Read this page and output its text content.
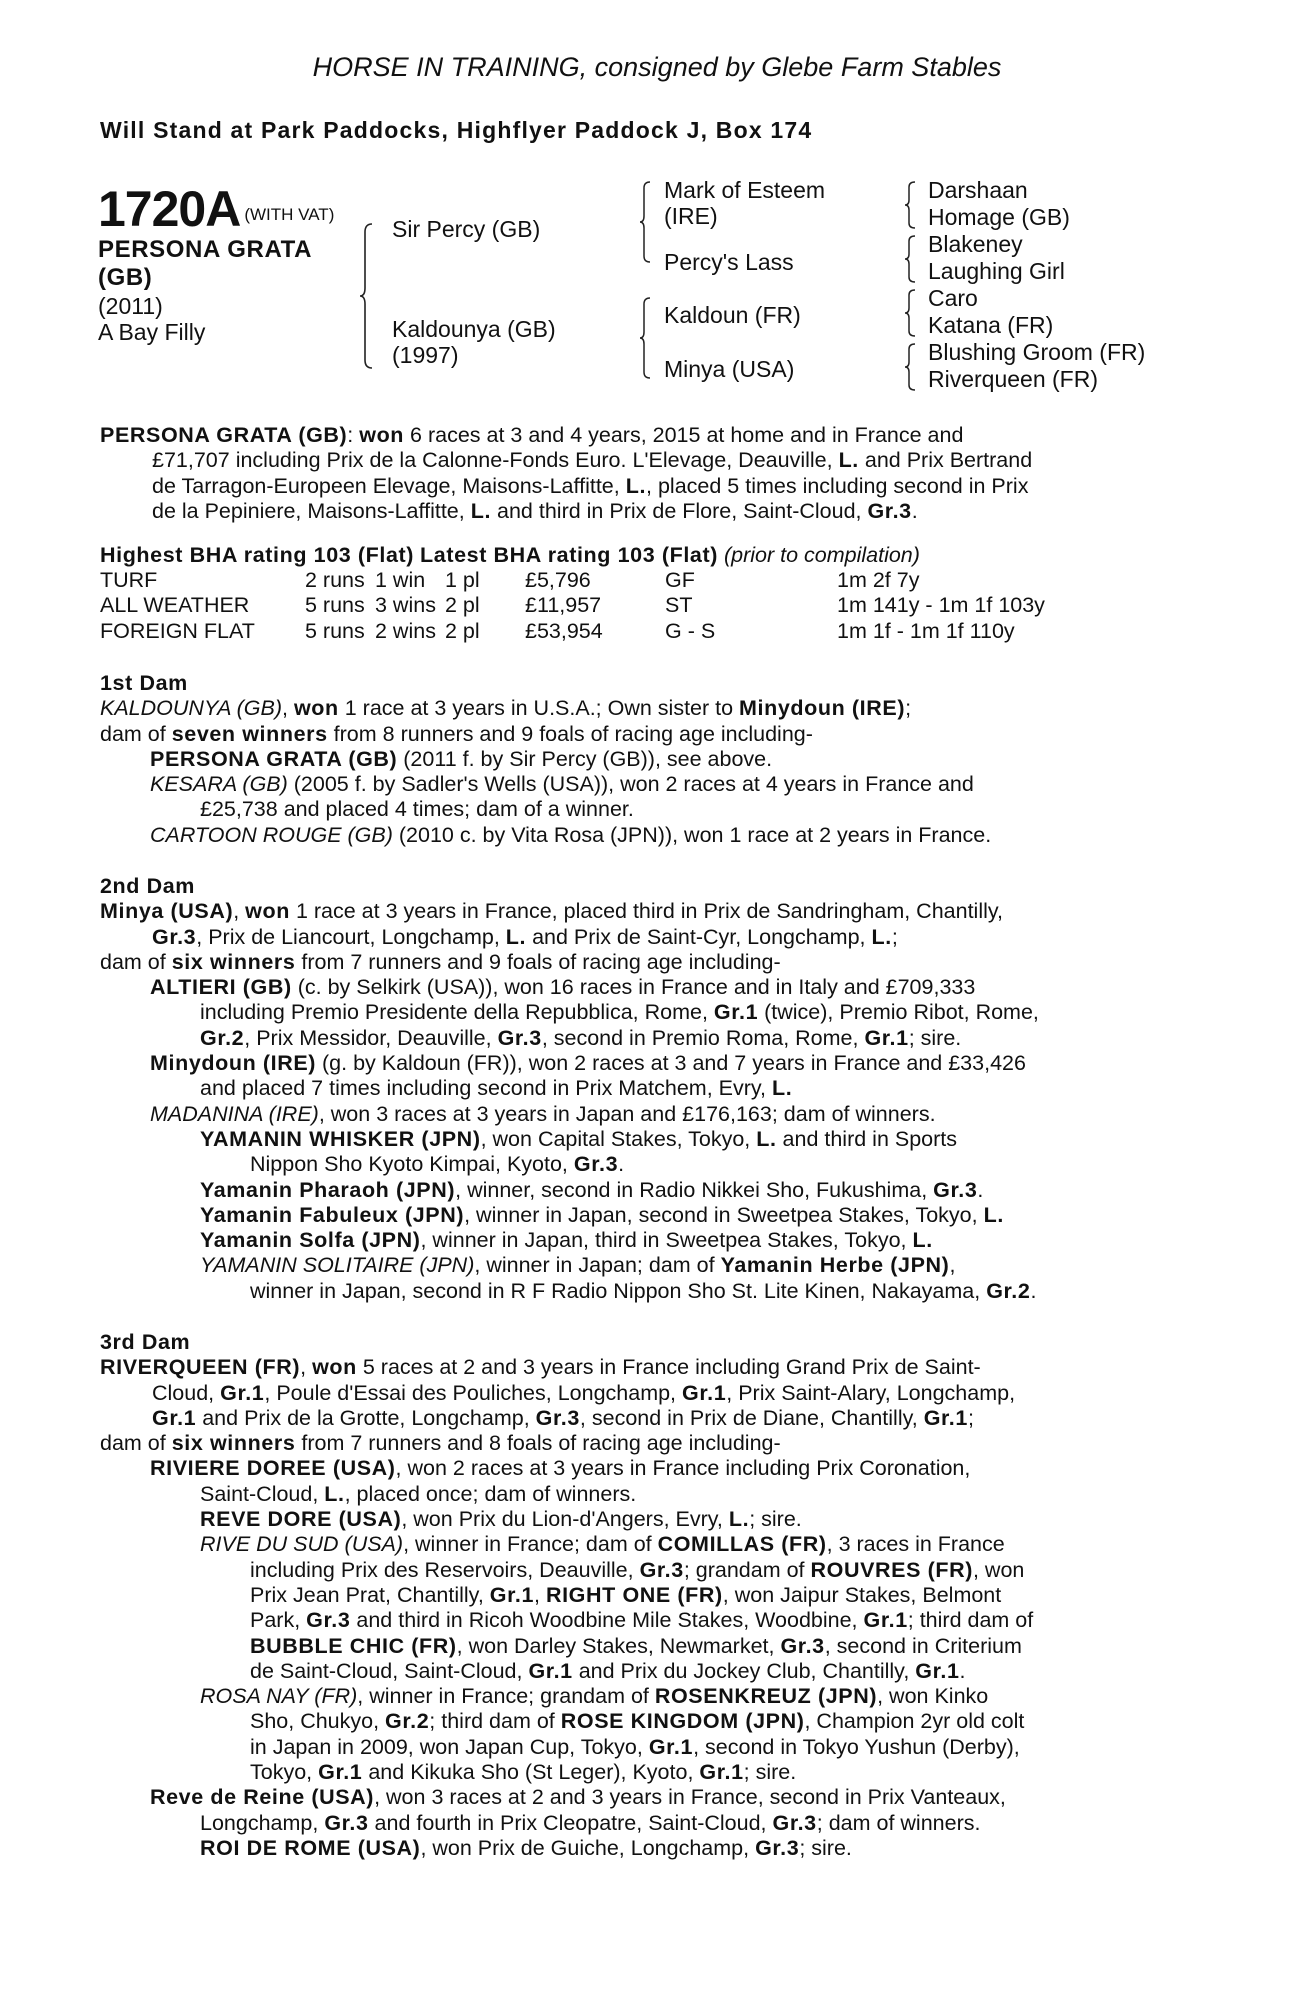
HORSE IN TRAINING, consigned by Glebe Farm Stables
Will Stand at Park Paddocks, Highflyer Paddock J, Box 174
1720A (WITH VAT)
PERSONA GRATA
(GB)
(2011)
A Bay Filly
Sir Percy (GB)
Kaldounya (GB)
(1997)
Mark of Esteem
(IRE)
Percy's Lass
Kaldoun (FR)
Minya (USA)
Darshaan
Homage (GB)
Blakeney
Laughing Girl
Caro
Katana (FR)
Blushing Groom (FR)
Riverqueen (FR)
PERSONA GRATA (GB): won 6 races at 3 and 4 years, 2015 at home and in France and
£71,707 including Prix de la Calonne-Fonds Euro. L'Elevage, Deauville, L. and Prix Bertrand
de Tarragon-Europeen Elevage, Maisons-Laffitte, L., placed 5 times including second in Prix
de la Pepiniere, Maisons-Laffitte, L. and third in Prix de Flore, Saint-Cloud, Gr.3.
Highest BHA rating 103 (Flat) Latest BHA rating 103 (Flat) (prior to compilation)
TURF	2 runs	1 win	1 pl	£5,796	GF	1m 2f 7y
ALL WEATHER	5 runs	3 wins	2 pl	£11,957	ST	1m 141y - 1m 1f 103y
FOREIGN FLAT	5 runs	2 wins	2 pl	£53,954	G - S	1m 1f - 1m 1f 110y
1st Dam
KALDOUNYA (GB), won 1 race at 3 years in U.S.A.; Own sister to Minydoun (IRE);
dam of seven winners from 8 runners and 9 foals of racing age including-
PERSONA GRATA (GB) (2011 f. by Sir Percy (GB)), see above.
KESARA (GB) (2005 f. by Sadler's Wells (USA)), won 2 races at 4 years in France and
£25,738 and placed 4 times; dam of a winner.
CARTOON ROUGE (GB) (2010 c. by Vita Rosa (JPN)), won 1 race at 2 years in France.
2nd Dam
Minya (USA), won 1 race at 3 years in France, placed third in Prix de Sandringham, Chantilly,
Gr.3, Prix de Liancourt, Longchamp, L. and Prix de Saint-Cyr, Longchamp, L.;
dam of six winners from 7 runners and 9 foals of racing age including-
ALTIERI (GB) (c. by Selkirk (USA)), won 16 races in France and in Italy and £709,333
including Premio Presidente della Repubblica, Rome, Gr.1 (twice), Premio Ribot, Rome,
Gr.2, Prix Messidor, Deauville, Gr.3, second in Premio Roma, Rome, Gr.1; sire.
Minydoun (IRE) (g. by Kaldoun (FR)), won 2 races at 3 and 7 years in France and £33,426
and placed 7 times including second in Prix Matchem, Evry, L.
MADANINA (IRE), won 3 races at 3 years in Japan and £176,163; dam of winners.
YAMANIN WHISKER (JPN), won Capital Stakes, Tokyo, L. and third in Sports
Nippon Sho Kyoto Kimpai, Kyoto, Gr.3.
Yamanin Pharaoh (JPN), winner, second in Radio Nikkei Sho, Fukushima, Gr.3.
Yamanin Fabuleux (JPN), winner in Japan, second in Sweetpea Stakes, Tokyo, L.
Yamanin Solfa (JPN), winner in Japan, third in Sweetpea Stakes, Tokyo, L.
YAMANIN SOLITAIRE (JPN), winner in Japan; dam of Yamanin Herbe (JPN),
winner in Japan, second in R F Radio Nippon Sho St. Lite Kinen, Nakayama, Gr.2.
3rd Dam
RIVERQUEEN (FR), won 5 races at 2 and 3 years in France including Grand Prix de Saint-
Cloud, Gr.1, Poule d'Essai des Pouliches, Longchamp, Gr.1, Prix Saint-Alary, Longchamp,
Gr.1 and Prix de la Grotte, Longchamp, Gr.3, second in Prix de Diane, Chantilly, Gr.1;
dam of six winners from 7 runners and 8 foals of racing age including-
RIVIERE DOREE (USA), won 2 races at 3 years in France including Prix Coronation,
Saint-Cloud, L., placed once; dam of winners.
REVE DORE (USA), won Prix du Lion-d'Angers, Evry, L.; sire.
RIVE DU SUD (USA), winner in France; dam of COMILLAS (FR), 3 races in France
including Prix des Reservoirs, Deauville, Gr.3; grandam of ROUVRES (FR), won
Prix Jean Prat, Chantilly, Gr.1, RIGHT ONE (FR), won Jaipur Stakes, Belmont
Park, Gr.3 and third in Ricoh Woodbine Mile Stakes, Woodbine, Gr.1; third dam of
BUBBLE CHIC (FR), won Darley Stakes, Newmarket, Gr.3, second in Criterium
de Saint-Cloud, Saint-Cloud, Gr.1 and Prix du Jockey Club, Chantilly, Gr.1.
ROSA NAY (FR), winner in France; grandam of ROSENKREUZ (JPN), won Kinko
Sho, Chukyo, Gr.2; third dam of ROSE KINGDOM (JPN), Champion 2yr old colt
in Japan in 2009, won Japan Cup, Tokyo, Gr.1, second in Tokyo Yushun (Derby),
Tokyo, Gr.1 and Kikuka Sho (St Leger), Kyoto, Gr.1; sire.
Reve de Reine (USA), won 3 races at 2 and 3 years in France, second in Prix Vanteaux,
Longchamp, Gr.3 and fourth in Prix Cleopatre, Saint-Cloud, Gr.3; dam of winners.
ROI DE ROME (USA), won Prix de Guiche, Longchamp, Gr.3; sire.
